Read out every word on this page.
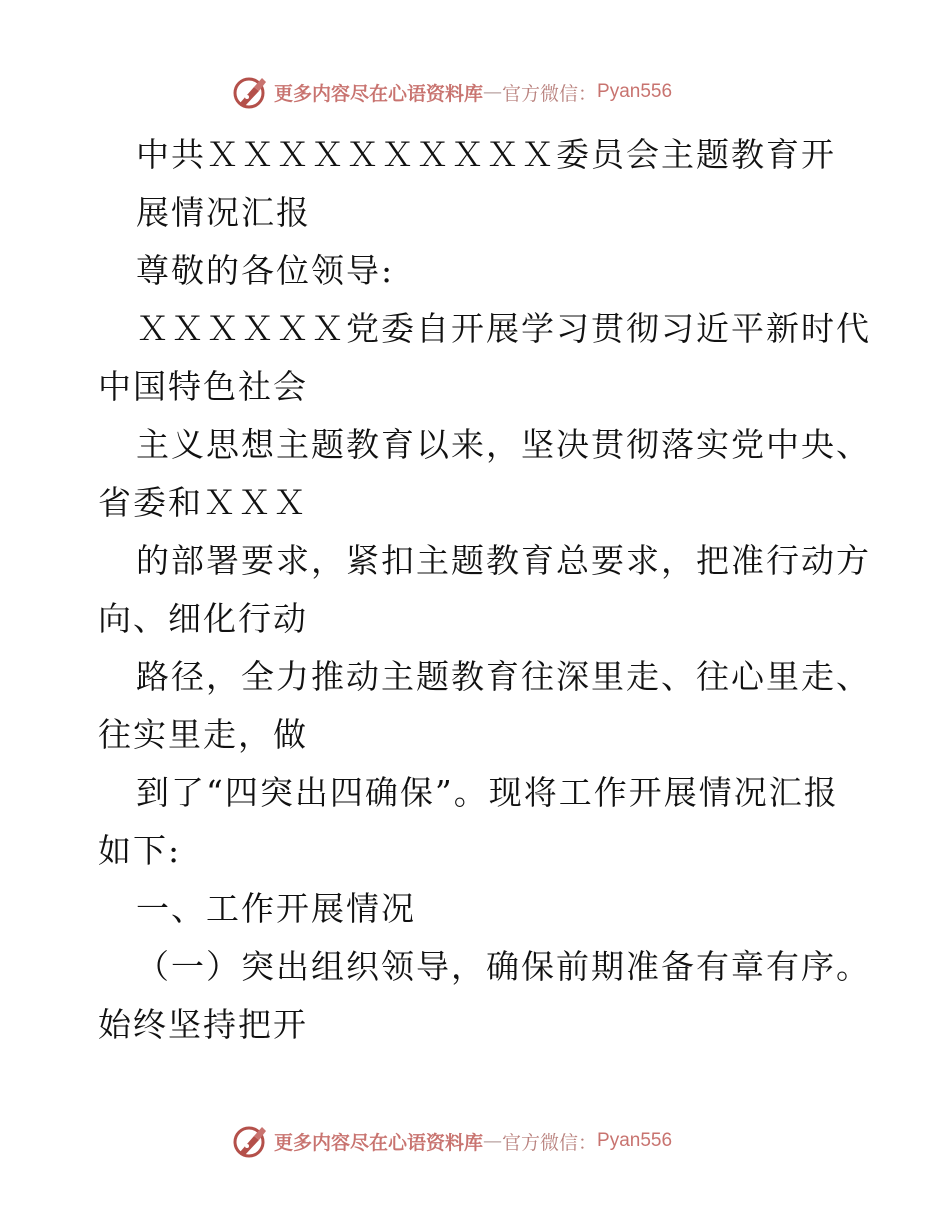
更多内容尽在心语资料库 — 官方微信： Pyan556
中共ＸＸＸＸＸＸＸＸＸＸ委员会主题教育开
展情况汇报
尊敬的各位领导:
ＸＸＸＸＸＸ党委自开展学习贯彻习近平新时代
中国特色社会
主义思想主题教育以来，坚决贯彻落实党中央、
省委和ＸＸＸ
的部署要求，紧扣主题教育总要求，把准行动方
向、细化行动
路径，全力推动主题教育往深里走、往心里走、
往实里走，做
到了“四突出四确保”。现将工作开展情况汇报
如下:
一、工作开展情况
（一）突出组织领导，确保前期准备有章有序。
始终坚持把开
更多内容尽在心语资料库 — 官方微信： Pyan556
